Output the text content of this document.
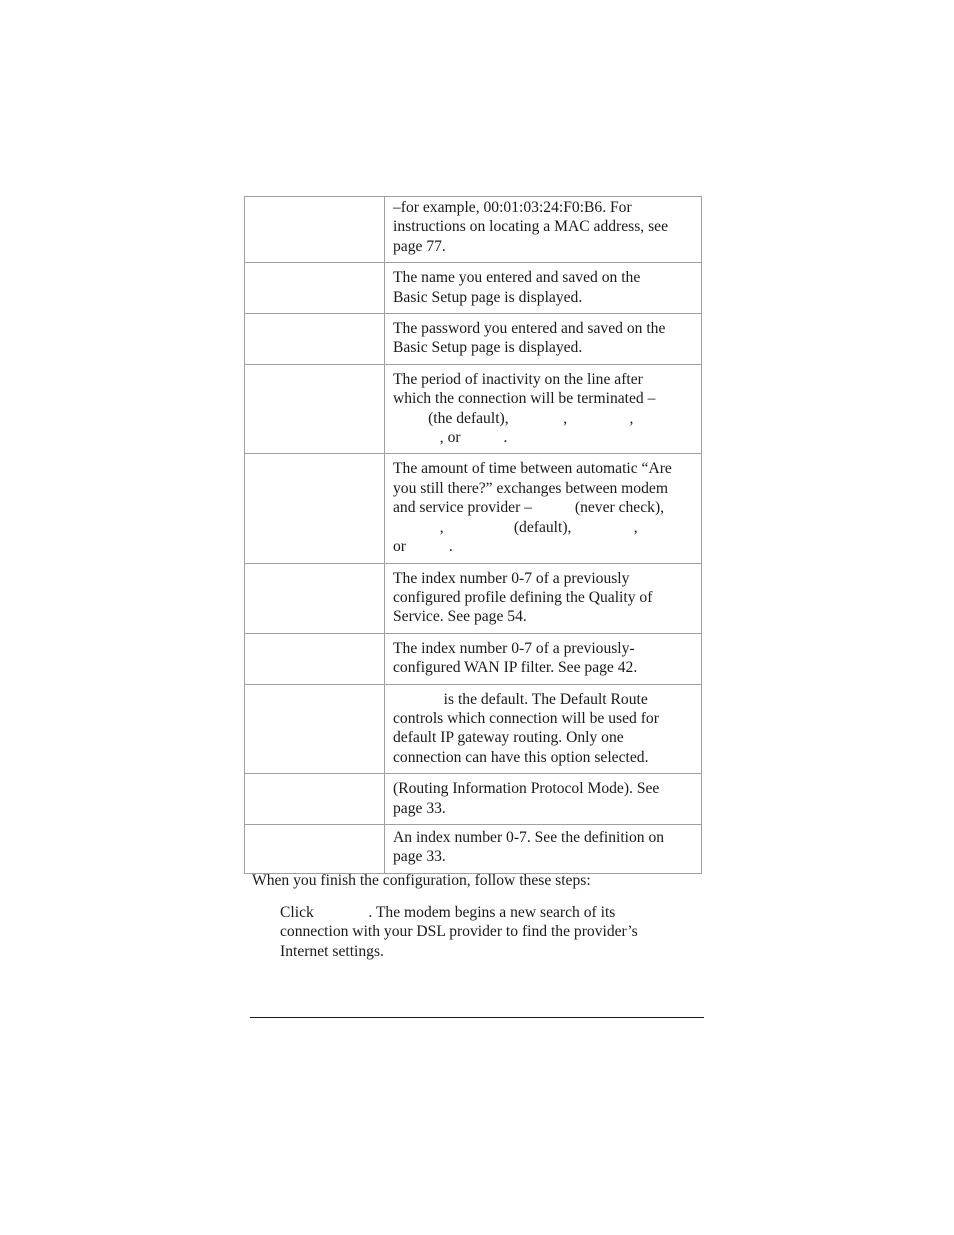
	–for example, 00:01:03:24:F0:B6. For
instructions on locating a MAC address, see
page 77.

	The name you entered and saved on the
Basic Setup page is displayed.

	The password you entered and saved on the
Basic Setup page is displayed.

	The period of inactivity on the line after
which the connection will be terminated –
(the default),              ,                ,
, or           .

	The amount of time between automatic “Are
you still there?” exchanges between modem
and service provider –           (never check),
,                  (default),                ,
or           .

	The index number 0-7 of a previously
configured profile defining the Quality of
Service. See page 54.

	The index number 0-7 of a previously-
configured WAN IP filter. See page 42.

	is the default. The Default Route
controls which connection will be used for
default IP gateway routing. Only one
connection can have this option selected.

	(Routing Information Protocol Mode). See
page 33.

	An index number 0-7. See the definition on
page 33.

When you finish the configuration, follow these steps:

Click              . The modem begins a new search of its
connection with your DSL provider to find the provider’s
Internet settings.
